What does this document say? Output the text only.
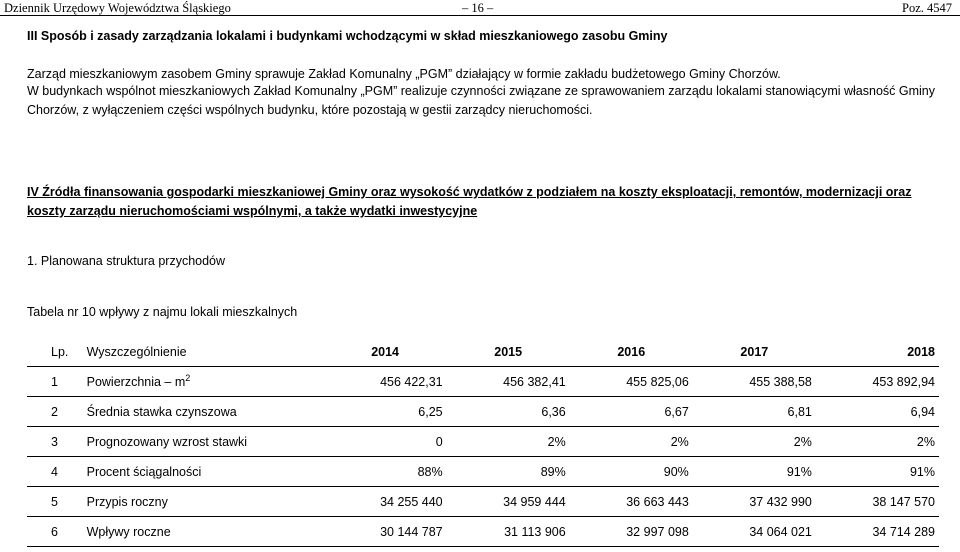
Dziennik Urzędowy Województwa Śląskiego	– 16 –	Poz. 4547
III Sposób i zasady zarządzania lokalami i budynkami wchodzącymi w skład mieszkaniowego zasobu Gminy
Zarząd mieszkaniowym zasobem Gminy sprawuje Zakład Komunalny „PGM” działający w formie zakładu budżetowego Gminy Chorzów.
W budynkach wspólnot mieszkaniowych Zakład Komunalny „PGM” realizuje czynności związane ze sprawowaniem zarządu lokalami stanowiącymi własność Gminy Chorzów, z wyłączeniem części wspólnych budynku, które pozostają w gestii zarządcy nieruchomości.
IV Źródła finansowania gospodarki mieszkaniowej Gminy oraz wysokość wydatków z podziałem na koszty eksploatacji, remontów, modernizacji oraz koszty zarządu nieruchomościami wspólnymi, a także wydatki inwestycyjne
1. Planowana struktura przychodów
Tabela nr 10 wpływy z najmu lokali mieszkalnych
Lp.	Wyszczególnienie	2014	2015	2016	2017	2018
1	Powierzchnia – $m^2$	456 422,31	456 382,41	455 825,06	455 388,58	453 892,94
2	Średnia stawka czynszowa	6,25	6,36	6,67	6,81	6,94
3	Prognozowany wzrost stawki	0	2%	2%	2%	2%
4	Procent ściągalności	88%	89%	90%	91%	91%
5	Przypis roczny	34 255 440	34 959 444	36 663 443	37 432 990	38 147 570
6	Wpływy roczne	30 144 787	31 113 906	32 997 098	34 064 021	34 714 289
